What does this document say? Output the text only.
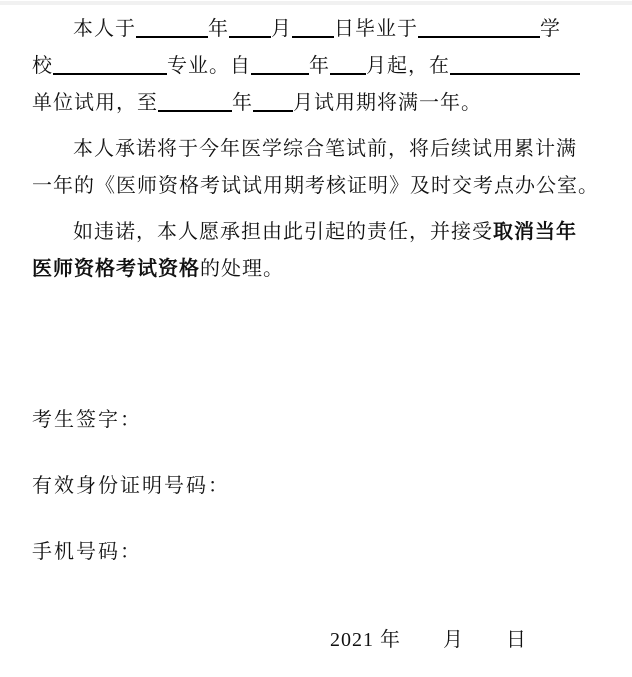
本人于	年 月 日毕业于	学
校	专业。自	年 月起，在
单位试用，至	年 月试用期将满一年。
本人承诺将于今年医学综合笔试前，将后续试用累计满
一年的《医师资格考试试用期考核证明》及时交考点办公室。
如违诺，本人愿承担由此引起的责任，并接受取消当年
医师资格考试资格的处理。
考生签字：
有效身份证明号码：
手机号码：
2021 年　　月　　日
